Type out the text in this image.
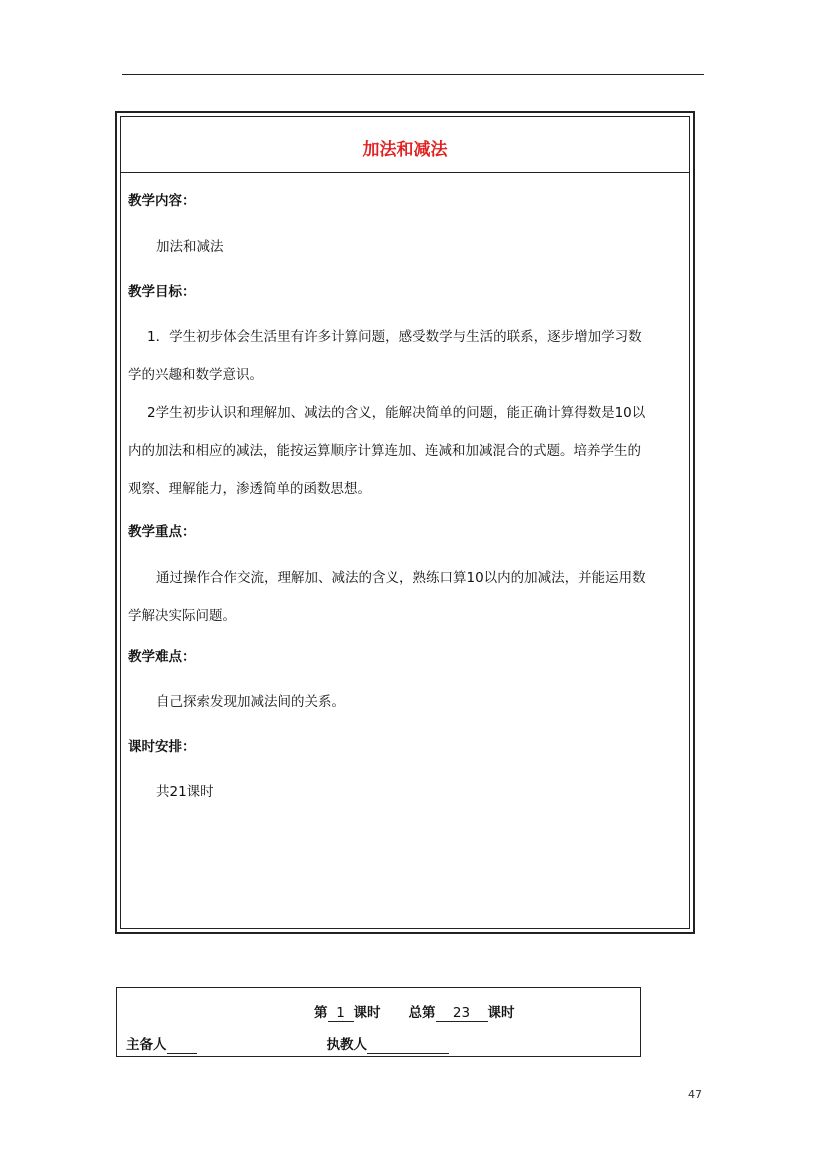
加法和减法
教学内容：
加法和减法
教学目标：
1．学生初步体会生活里有许多计算问题，感受数学与生活的联系，逐步增加学习数
学的兴趣和数学意识。
2学生初步认识和理解加、减法的含义，能解决简单的问题，能正确计算得数是10以
内的加法和相应的减法，能按运算顺序计算连加、连减和加减混合的式题。培养学生的
观察、理解能力，渗透简单的函数思想。
教学重点：
通过操作合作交流，理解加、减法的含义，熟练口算10以内的加减法，并能运用数
学解决实际问题。
教学难点：
自己探索发现加减法间的关系。
课时安排：
共21课时
第 1 课时 总第 23 课时
主备人	执教人
47
